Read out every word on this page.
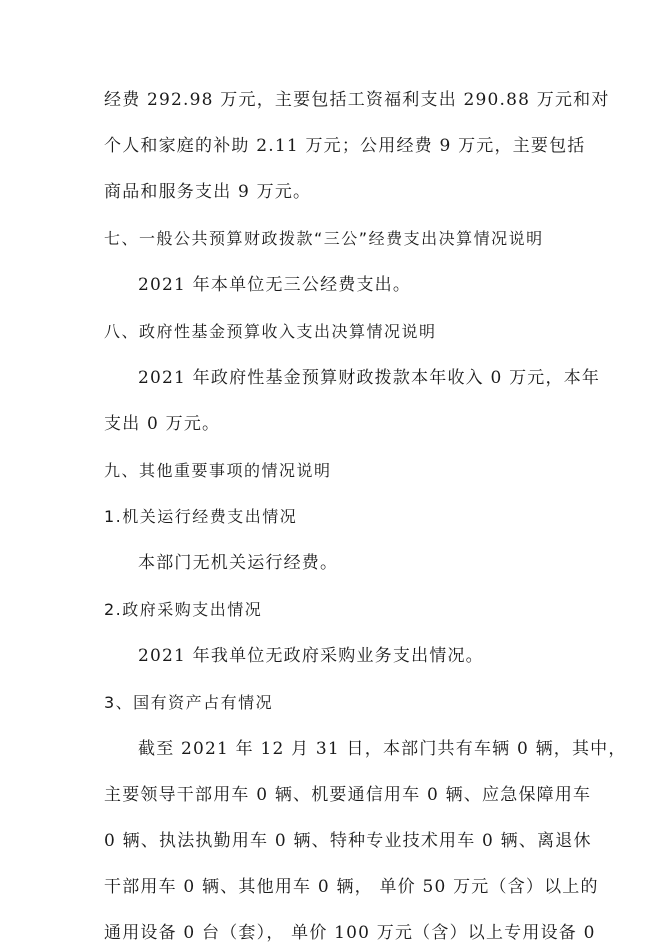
经费 292.98 万元，主要包括工资福利支出 290.88 万元和对
个人和家庭的补助 2.11 万元；公用经费 9 万元，主要包括
商品和服务支出 9 万元。
七、一般公共预算财政拨款“三公”经费支出决算情况说明
2021 年本单位无三公经费支出。
八、政府性基金预算收入支出决算情况说明
2021 年政府性基金预算财政拨款本年收入 0 万元，本年
支出 0 万元。
九、其他重要事项的情况说明
1.机关运行经费支出情况
本部门无机关运行经费。
2.政府采购支出情况
2021 年我单位无政府采购业务支出情况。
3、国有资产占有情况
截至 2021 年 12 月 31 日，本部门共有车辆 0 辆，其中，
主要领导干部用车 0 辆、机要通信用车 0 辆、应急保障用车
0 辆、执法执勤用车 0 辆、特种专业技术用车 0 辆、离退休
干部用车 0 辆、其他用车 0 辆， 单价 50 万元（含）以上的
通用设备 0 台（套）， 单价 100 万元（含）以上专用设备 0
